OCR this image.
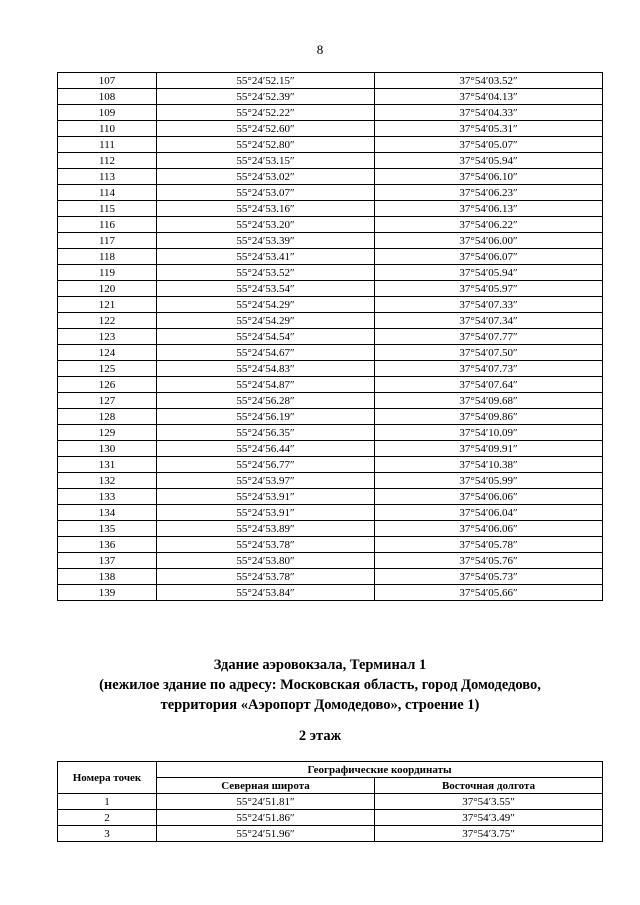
8
107	55°24′52.15″	37°54′03.52″
108	55°24′52.39″	37°54′04.13″
109	55°24′52.22″	37°54′04.33″
110	55°24′52.60″	37°54′05.31″
111	55°24′52.80″	37°54′05.07″
112	55°24′53.15″	37°54′05.94″
113	55°24′53.02″	37°54′06.10″
114	55°24′53.07″	37°54′06.23″
115	55°24′53.16″	37°54′06.13″
116	55°24′53.20″	37°54′06.22″
117	55°24′53.39″	37°54′06.00″
118	55°24′53.41″	37°54′06.07″
119	55°24′53.52″	37°54′05.94″
120	55°24′53.54″	37°54′05.97″
121	55°24′54.29″	37°54′07.33″
122	55°24′54.29″	37°54′07.34″
123	55°24′54.54″	37°54′07.77″
124	55°24′54.67″	37°54′07.50″
125	55°24′54.83″	37°54′07.73″
126	55°24′54.87″	37°54′07.64″
127	55°24′56.28″	37°54′09.68″
128	55°24′56.19″	37°54′09.86″
129	55°24′56.35″	37°54′10.09″
130	55°24′56.44″	37°54′09.91″
131	55°24′56.77″	37°54′10.38″
132	55°24′53.97″	37°54′05.99″
133	55°24′53.91″	37°54′06.06″
134	55°24′53.91″	37°54′06.04″
135	55°24′53.89″	37°54′06.06″
136	55°24′53.78″	37°54′05.78″
137	55°24′53.80″	37°54′05.76″
138	55°24′53.78″	37°54′05.73″
139	55°24′53.84″	37°54′05.66″
Здание аэровокзала, Терминал 1
(нежилое здание по адресу: Московская область, город Домодедово,
территория «Аэропорт Домодедово», строение 1)
2 этаж
Номера точек	Географические координаты	
	Северная широта	Восточная долгота
1	55°24′51.81″	37°54′3.55″
2	55°24′51.86″	37°54′3.49″
3	55°24′51.96″	37°54′3.75″
